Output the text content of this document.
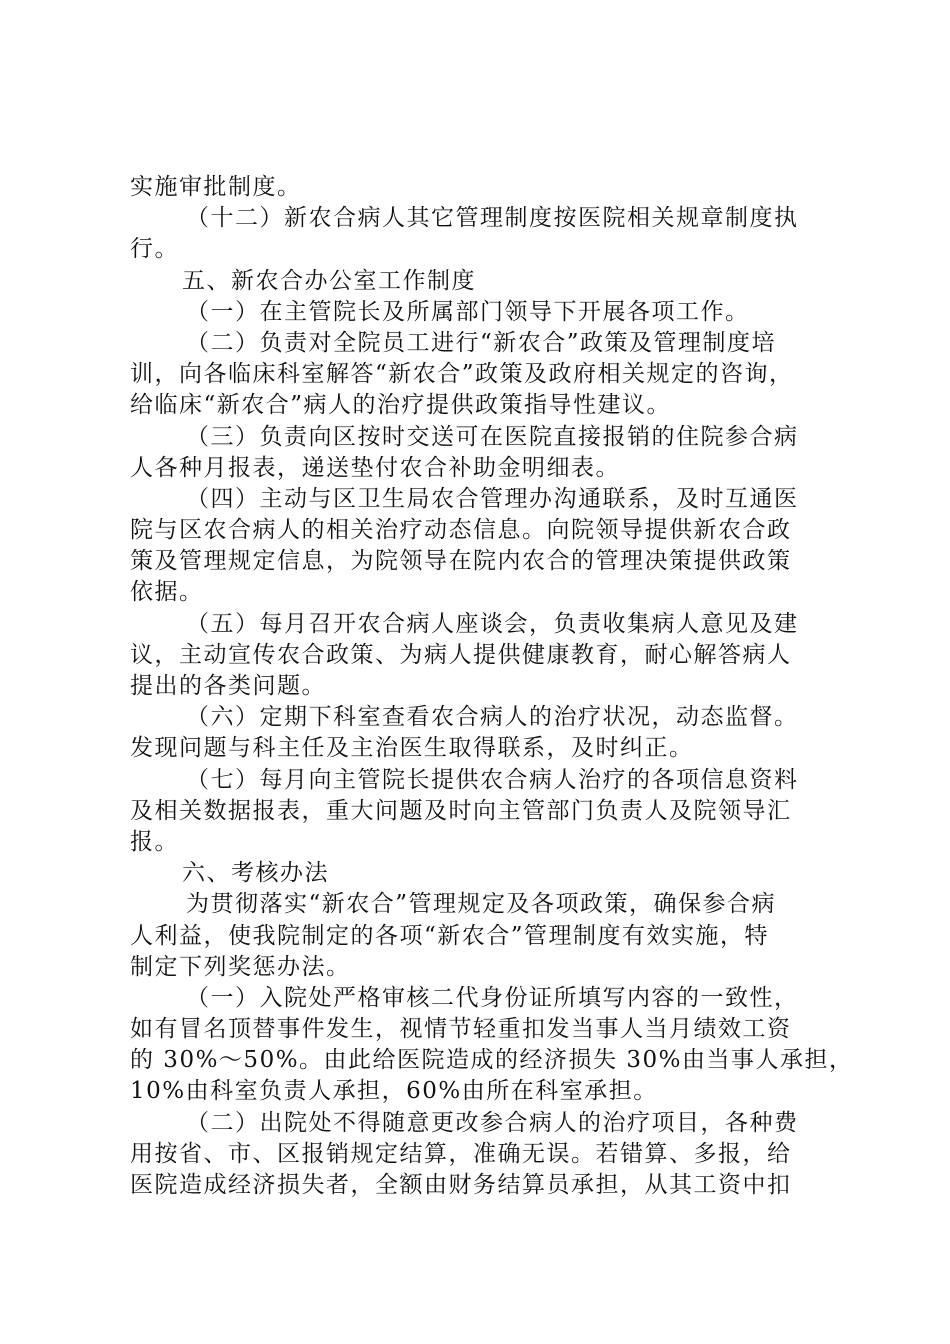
实施审批制度。
（十二）新农合病人其它管理制度按医院相关规章制度执
行。
五、新农合办公室工作制度
（一）在主管院长及所属部门领导下开展各项工作。
（二）负责对全院员工进行“新农合”政策及管理制度培
训，向各临床科室解答“新农合”政策及政府相关规定的咨询，
给临床“新农合”病人的治疗提供政策指导性建议。
（三）负责向区按时交送可在医院直接报销的住院参合病
人各种月报表，递送垫付农合补助金明细表。
（四）主动与区卫生局农合管理办沟通联系，及时互通医
院与区农合病人的相关治疗动态信息。向院领导提供新农合政
策及管理规定信息，为院领导在院内农合的管理决策提供政策
依据。
（五）每月召开农合病人座谈会，负责收集病人意见及建
议，主动宣传农合政策、为病人提供健康教育，耐心解答病人
提出的各类问题。
（六）定期下科室查看农合病人的治疗状况，动态监督。
发现问题与科主任及主治医生取得联系，及时纠正。
（七）每月向主管院长提供农合病人治疗的各项信息资料
及相关数据报表，重大问题及时向主管部门负责人及院领导汇
报。
六、考核办法
为贯彻落实“新农合”管理规定及各项政策，确保参合病
人利益，使我院制定的各项“新农合”管理制度有效实施，特
制定下列奖惩办法。
（一）入院处严格审核二代身份证所填写内容的一致性，
如有冒名顶替事件发生，视情节轻重扣发当事人当月绩效工资
的 30%～50%。由此给医院造成的经济损失 30%由当事人承担，
10%由科室负责人承担，60%由所在科室承担。
（二）出院处不得随意更改参合病人的治疗项目，各种费
用按省、市、区报销规定结算，准确无误。若错算、多报，给
医院造成经济损失者，全额由财务结算员承担，从其工资中扣
